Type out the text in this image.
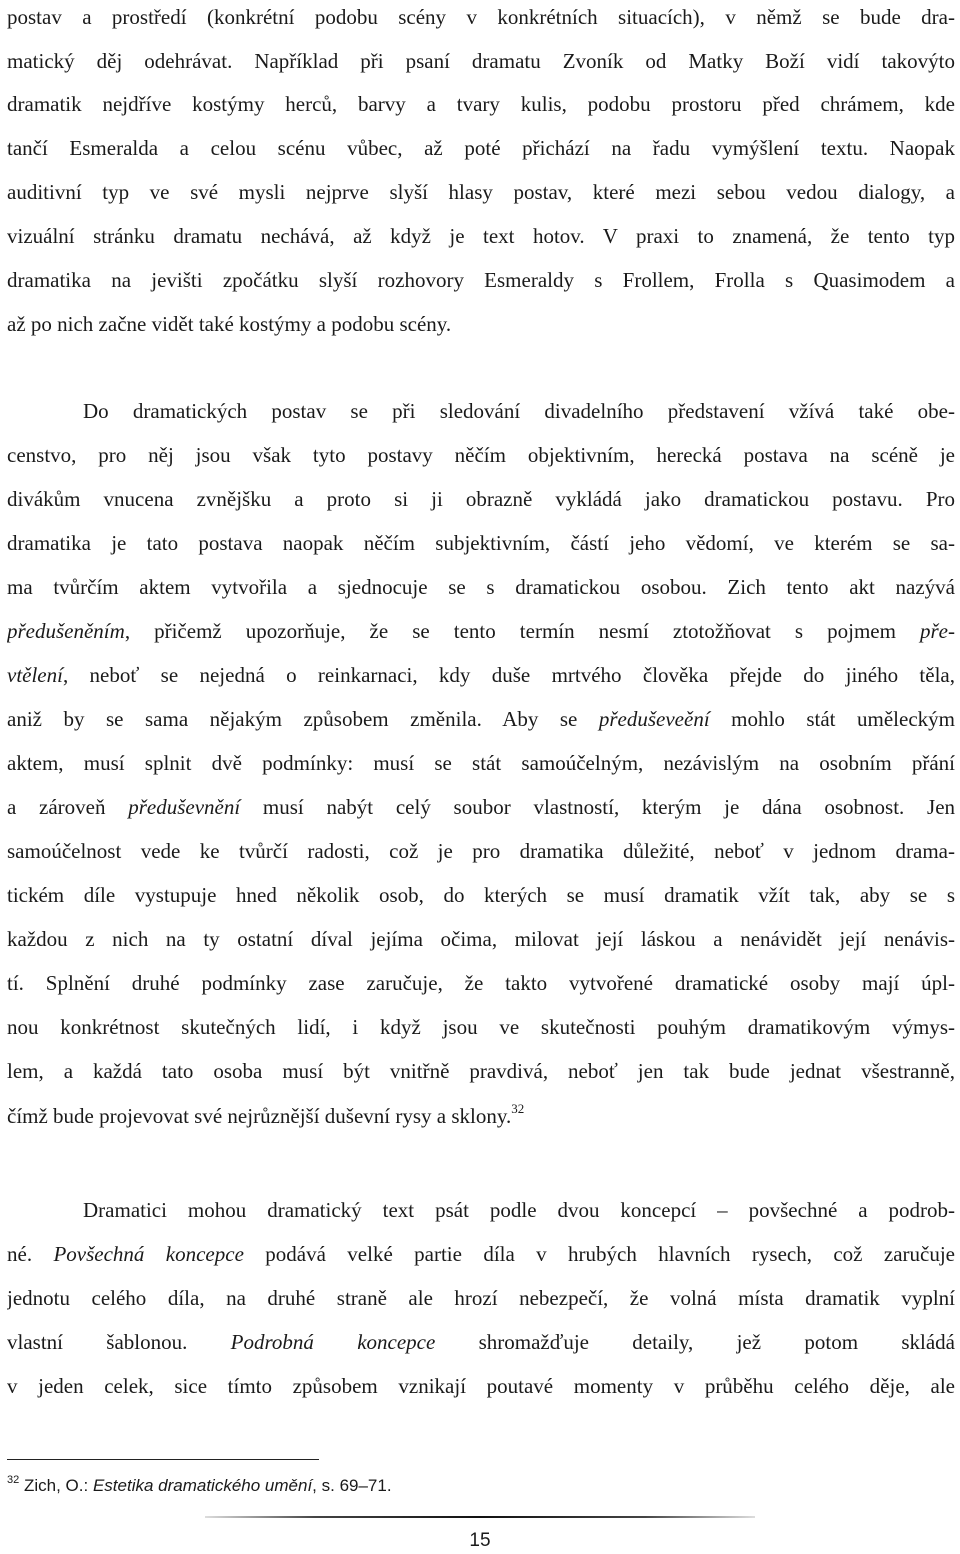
postav a prostředí (konkrétní podobu scény v konkrétních situacích), v němž se bude dra-
matický děj odehrávat. Například při psaní dramatu Zvoník od Matky Boží vidí takovýto
dramatik nejdříve kostýmy herců, barvy a tvary kulis, podobu prostoru před chrámem, kde
tančí Esmeralda a celou scénu vůbec, až poté přichází na řadu vymýšlení textu. Naopak
auditivní typ ve své mysli nejprve slyší hlasy postav, které mezi sebou vedou dialogy, a
vizuální stránku dramatu nechává, až když je text hotov. V praxi to znamená, že tento typ
dramatika na jevišti zpočátku slyší rozhovory Esmeraldy s Frollem, Frolla s Quasimodem a
až po nich začne vidět také kostýmy a podobu scény.
Do dramatických postav se při sledování divadelního představení vžívá také obe-
censtvo, pro něj jsou však tyto postavy něčím objektivním, herecká postava na scéně je
divákům vnucena zvnějšku a proto si ji obrazně vykládá jako dramatickou postavu. Pro
dramatika je tato postava naopak něčím subjektivním, částí jeho vědomí, ve kterém se sa-
ma tvůrčím aktem vytvořila a sjednocuje se s dramatickou osobou. Zich tento akt nazývá
předušeněním, přičemž upozorňuje, že se tento termín nesmí ztotožňovat s pojmem pře-
vtělení, neboť se nejedná o reinkarnaci, kdy duše mrtvého člověka přejde do jiného těla,
aniž by se sama nějakým způsobem změnila. Aby se předuševeění mohlo stát uměleckým
aktem, musí splnit dvě podmínky: musí se stát samoúčelným, nezávislým na osobním přání
a zároveň předuševnění musí nabýt celý soubor vlastností, kterým je dána osobnost. Jen
samoúčelnost vede ke tvůrčí radosti, což je pro dramatika důležité, neboť v jednom drama-
tickém díle vystupuje hned několik osob, do kterých se musí dramatik vžít tak, aby se s
každou z nich na ty ostatní díval jejíma očima, milovat její láskou a nenávidět její nenávis-
tí. Splnění druhé podmínky zase zaručuje, že takto vytvořené dramatické osoby mají úpl-
nou konkrétnost skutečných lidí, i když jsou ve skutečnosti pouhým dramatikovým výmys-
lem, a každá tato osoba musí být vnitřně pravdivá, neboť jen tak bude jednat všestranně,
čímž bude projevovat své nejrůznější duševní rysy a sklony.$^{32}$
Dramatici mohou dramatický text psát podle dvou koncepcí – povšechné a podrob-
né. Povšechná koncepce podává velké partie díla v hrubých hlavních rysech, což zaručuje
jednotu celého díla, na druhé straně ale hrozí nebezpečí, že volná místa dramatik vyplní
vlastní šablonou. Podrobná koncepce shromažďuje detaily, jež potom skládá
v jeden celek, sice tímto způsobem vznikají poutavé momenty v průběhu celého děje, ale
$^{32}$ Zich, O.: Estetika dramatického umění, s. 69–71.
15
